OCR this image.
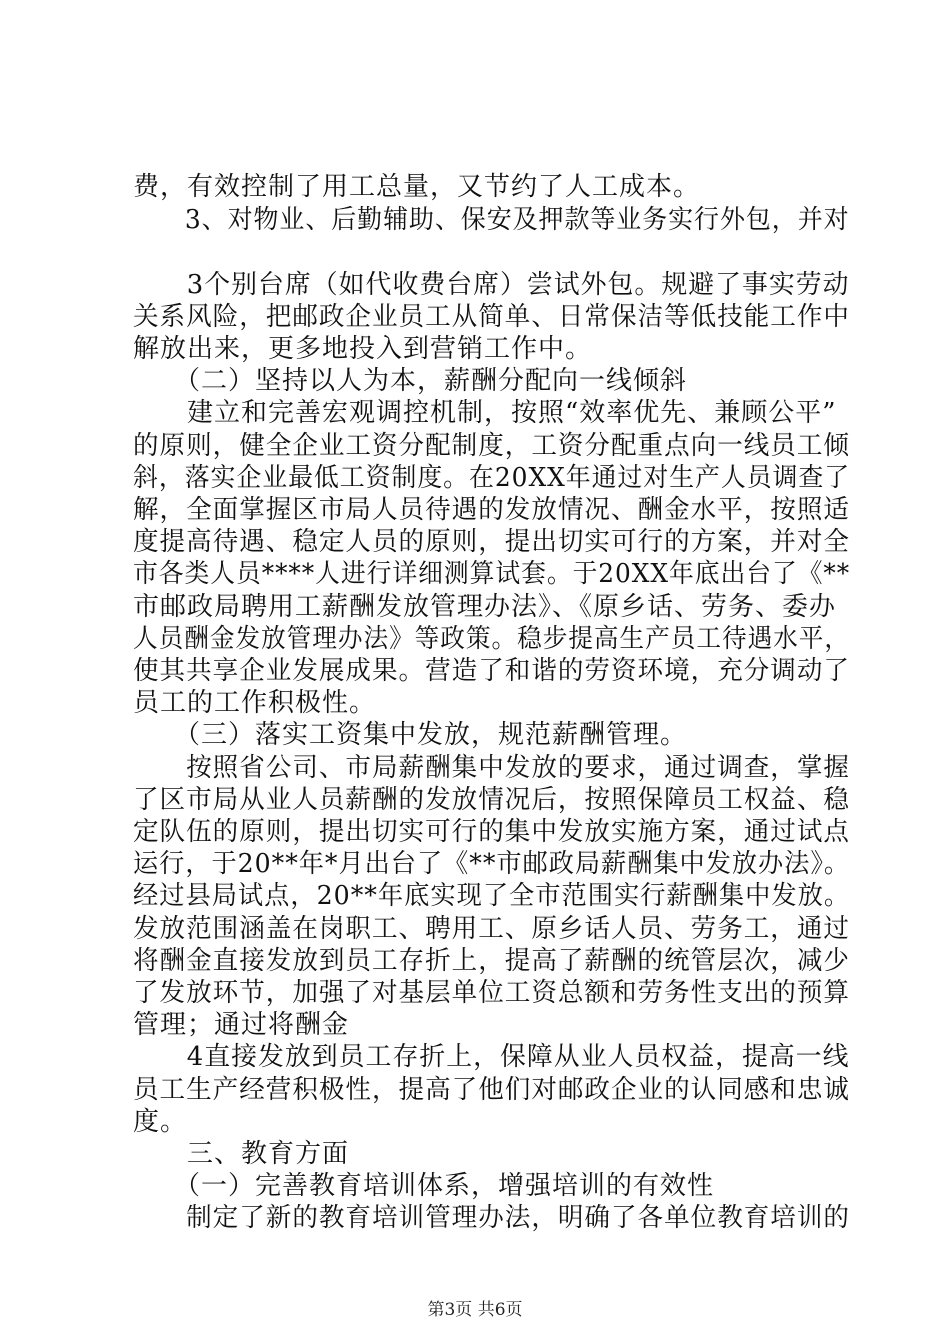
费，有效控制了用工总量，又节约了人工成本。
　　3、对物业、后勤辅助、保安及押款等业务实行外包，并对
　　3个别台席（如代收费台席）尝试外包。规避了事实劳动
关系风险，把邮政企业员工从简单、日常保洁等低技能工作中
解放出来，更多地投入到营销工作中。
　　（二）坚持以人为本，薪酬分配向一线倾斜
　　建立和完善宏观调控机制，按照“效率优先、兼顾公平”
的原则，健全企业工资分配制度，工资分配重点向一线员工倾
斜，落实企业最低工资制度。在20XX年通过对生产人员调查了
解，全面掌握区市局人员待遇的发放情况、酬金水平，按照适
度提高待遇、稳定人员的原则，提出切实可行的方案，并对全
市各类人员****人进行详细测算试套。于20XX年底出台了《**
市邮政局聘用工薪酬发放管理办法》、《原乡话、劳务、委办
人员酬金发放管理办法》等政策。稳步提高生产员工待遇水平，
使其共享企业发展成果。营造了和谐的劳资环境，充分调动了
员工的工作积极性。
　　（三）落实工资集中发放，规范薪酬管理。
　　按照省公司、市局薪酬集中发放的要求，通过调查，掌握
了区市局从业人员薪酬的发放情况后，按照保障员工权益、稳
定队伍的原则，提出切实可行的集中发放实施方案，通过试点
运行，于20**年*月出台了《**市邮政局薪酬集中发放办法》。
经过县局试点，20**年底实现了全市范围实行薪酬集中发放。
发放范围涵盖在岗职工、聘用工、原乡话人员、劳务工，通过
将酬金直接发放到员工存折上，提高了薪酬的统管层次，减少
了发放环节，加强了对基层单位工资总额和劳务性支出的预算
管理；通过将酬金
　　4直接发放到员工存折上，保障从业人员权益，提高一线
员工生产经营积极性，提高了他们对邮政企业的认同感和忠诚
度。
　　三、教育方面
　　（一）完善教育培训体系，增强培训的有效性
　　制定了新的教育培训管理办法，明确了各单位教育培训的
第3页 共6页
